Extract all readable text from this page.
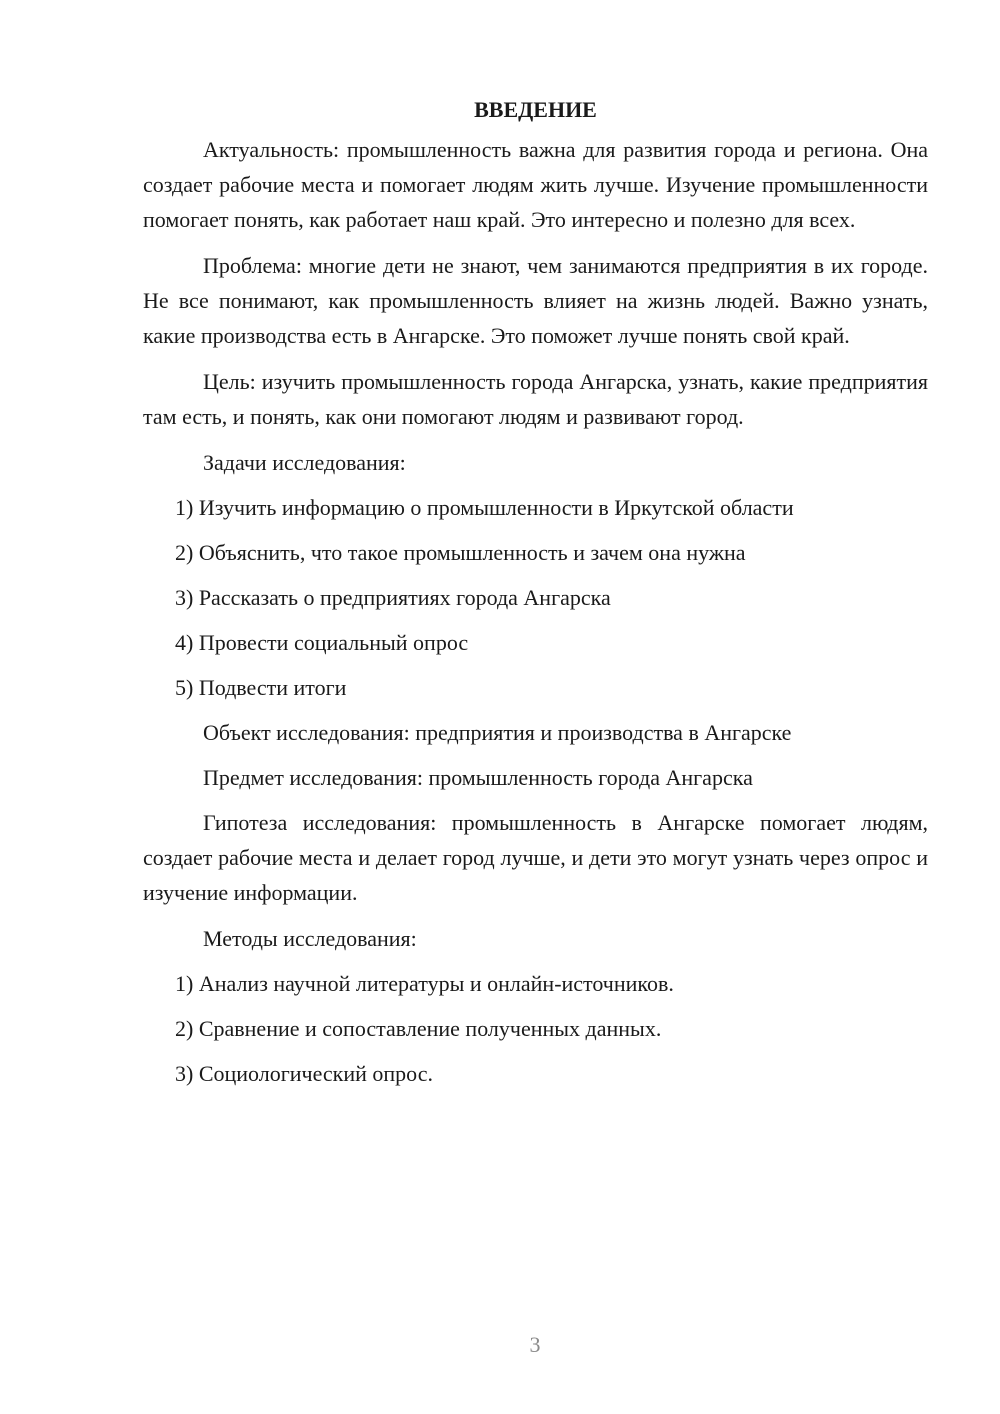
ВВЕДЕНИЕ

Актуальность: промышленность важна для развития города и региона. Она создает рабочие места и помогает людям жить лучше. Изучение промышленности помогает понять, как работает наш край. Это интересно и полезно для всех.

Проблема: многие дети не знают, чем занимаются предприятия в их городе. Не все понимают, как промышленность влияет на жизнь людей. Важно узнать, какие производства есть в Ангарске. Это поможет лучше понять свой край.

Цель: изучить промышленность города Ангарска, узнать, какие предприятия там есть, и понять, как они помогают людям и развивают город.

Задачи исследования:
1) Изучить информацию о промышленности в Иркутской области
2) Объяснить, что такое промышленность и зачем она нужна
3) Рассказать о предприятиях города Ангарска
4) Провести социальный опрос
5) Подвести итоги
Объект исследования: предприятия и производства в Ангарске
Предмет исследования: промышленность города Ангарска

Гипотеза исследования: промышленность в Ангарске помогает людям, создает рабочие места и делает город лучше, и дети это могут узнать через опрос и изучение информации.

Методы исследования:
1) Анализ научной литературы и онлайн-источников.
2) Сравнение и сопоставление полученных данных.
3) Социологический опрос.
3
